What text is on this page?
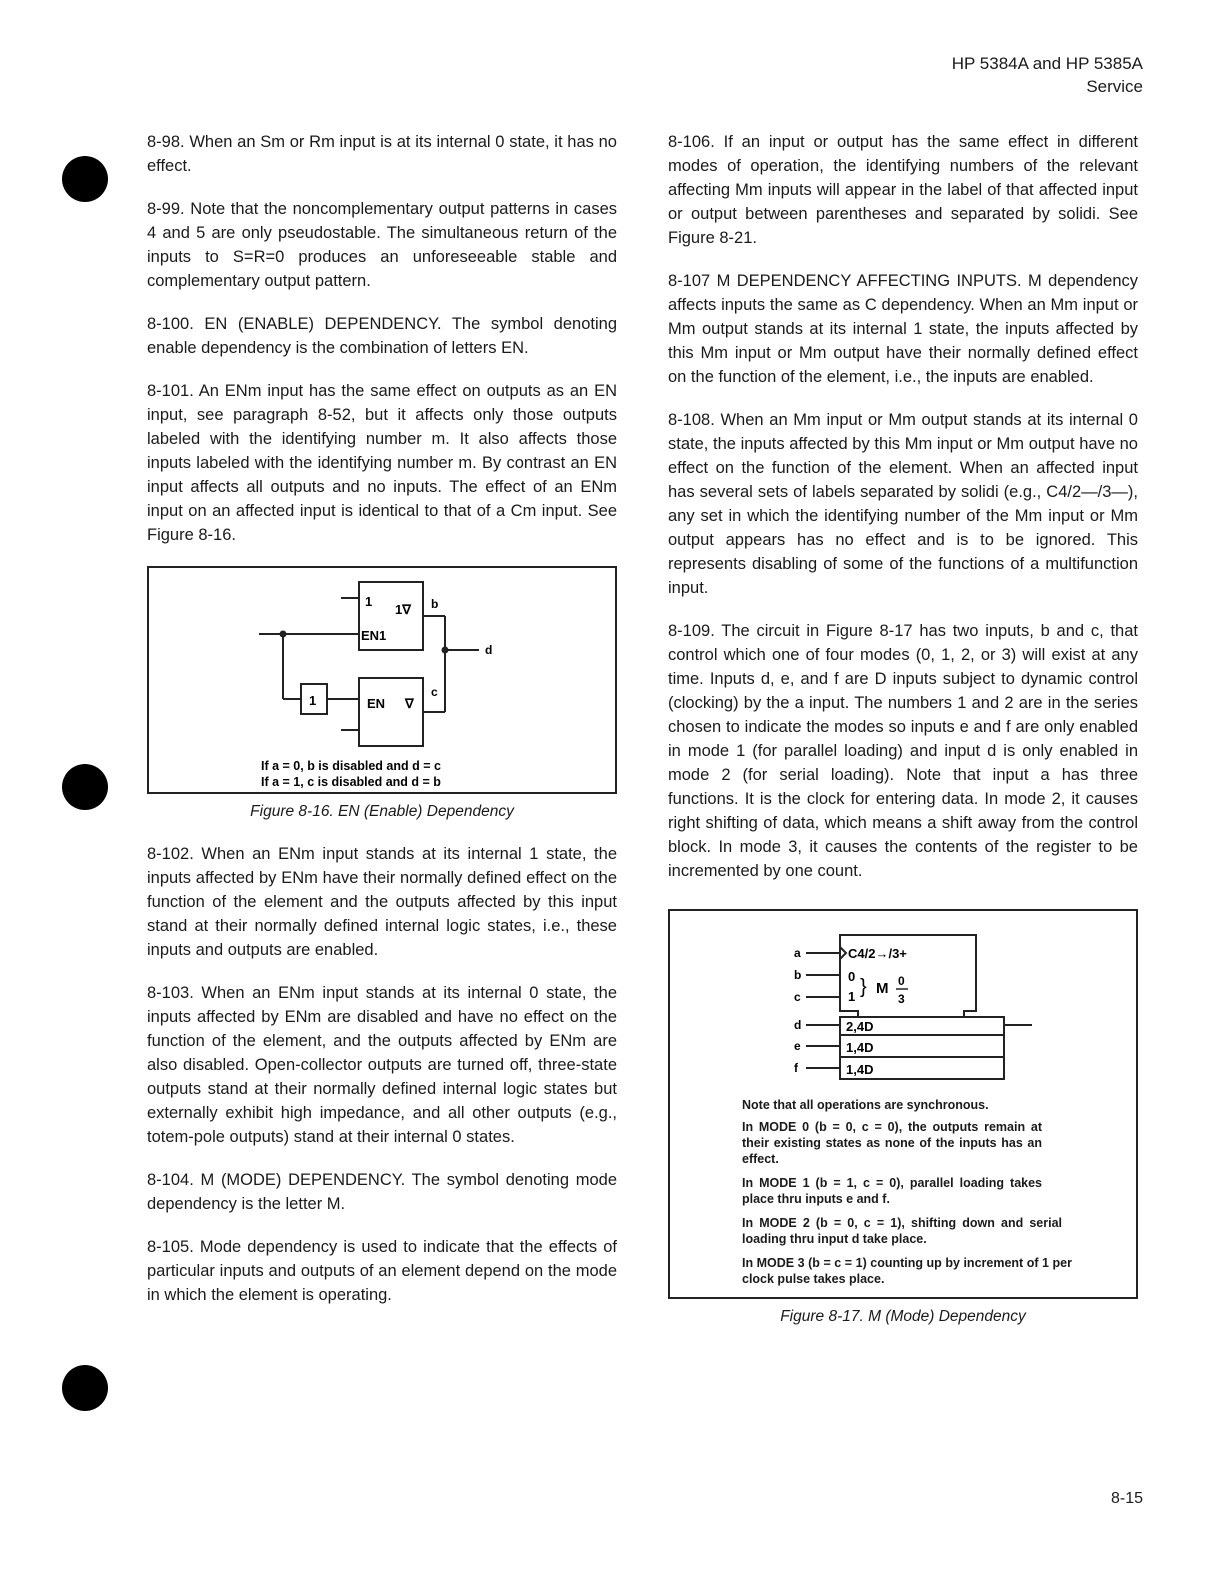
HP 5384A and HP 5385A
Service

8-98. When an Sm or Rm input is at its internal 0 state, it has no effect.

8-99. Note that the noncomplementary output patterns in cases 4 and 5 are only pseudostable. The simultaneous return of the inputs to S=R=0 produces an unforeseeable stable and complementary output pattern.

8-100. EN (ENABLE) DEPENDENCY. The symbol denoting enable dependency is the combination of letters EN.

8-101. An ENm input has the same effect on outputs as an EN input, see paragraph 8-52, but it affects only those outputs labeled with the identifying number m. It also affects those inputs labeled with the identifying number m. By contrast an EN input affects all outputs and no inputs. The effect of an ENm input on an affected input is identical to that of a Cm input. See Figure 8-16.

1
1∇
EN1
EN ∇
1
b
c
d
If a = 0, b is disabled and d = c
If a = 1, c is disabled and d = b
Figure 8-16. EN (Enable) Dependency

8-102. When an ENm input stands at its internal 1 state, the inputs affected by ENm have their normally defined effect on the function of the element and the outputs affected by this input stand at their normally defined internal logic states, i.e., these inputs and outputs are enabled.

8-103. When an ENm input stands at its internal 0 state, the inputs affected by ENm are disabled and have no effect on the function of the element, and the outputs affected by ENm are also disabled. Open-collector outputs are turned off, three-state outputs stand at their normally defined internal logic states but externally exhibit high impedance, and all other outputs (e.g., totem-pole outputs) stand at their internal 0 states.

8-104. M (MODE) DEPENDENCY. The symbol denoting mode dependency is the letter M.

8-105. Mode dependency is used to indicate that the effects of particular inputs and outputs of an element depend on the mode in which the element is operating.

8-106. If an input or output has the same effect in different modes of operation, the identifying numbers of the relevant affecting Mm inputs will appear in the label of that affected input or output between parentheses and separated by solidi. See Figure 8-21.

8-107 M DEPENDENCY AFFECTING INPUTS. M dependency affects inputs the same as C dependency. When an Mm input or Mm output stands at its internal 1 state, the inputs affected by this Mm input or Mm output have their normally defined effect on the function of the element, i.e., the inputs are enabled.

8-108. When an Mm input or Mm output stands at its internal 0 state, the inputs affected by this Mm input or Mm output have no effect on the function of the element. When an affected input has several sets of labels separated by solidi (e.g., C4/2—/3—), any set in which the identifying number of the Mm input or Mm output appears has no effect and is to be ignored. This represents disabling of some of the functions of a multifunction input.

8-109. The circuit in Figure 8-17 has two inputs, b and c, that control which one of four modes (0, 1, 2, or 3) will exist at any time. Inputs d, e, and f are D inputs subject to dynamic control (clocking) by the a input. The numbers 1 and 2 are in the series chosen to indicate the modes so inputs e and f are only enabled in mode 1 (for parallel loading) and input d is only enabled in mode 2 (for serial loading). Note that input a has three functions. It is the clock for entering data. In mode 2, it causes right shifting of data, which means a shift away from the control block. In mode 3, it causes the contents of the register to be incremented by one count.

C4/2→/3+
0
1 } M 0
3
2,4D
1,4D
1,4D
a
b
c
d
e
f
Note that all operations are synchronous.
In MODE 0 (b = 0, c = 0), the outputs remain at their existing states as none of the inputs has an effect.
In MODE 1 (b = 1, c = 0), parallel loading takes place thru inputs e and f.
In MODE 2 (b = 0, c = 1), shifting down and serial loading thru input d take place.
In MODE 3 (b = c = 1) counting up by increment of 1 per clock pulse takes place.
Figure 8-17. M (Mode) Dependency
8-15
